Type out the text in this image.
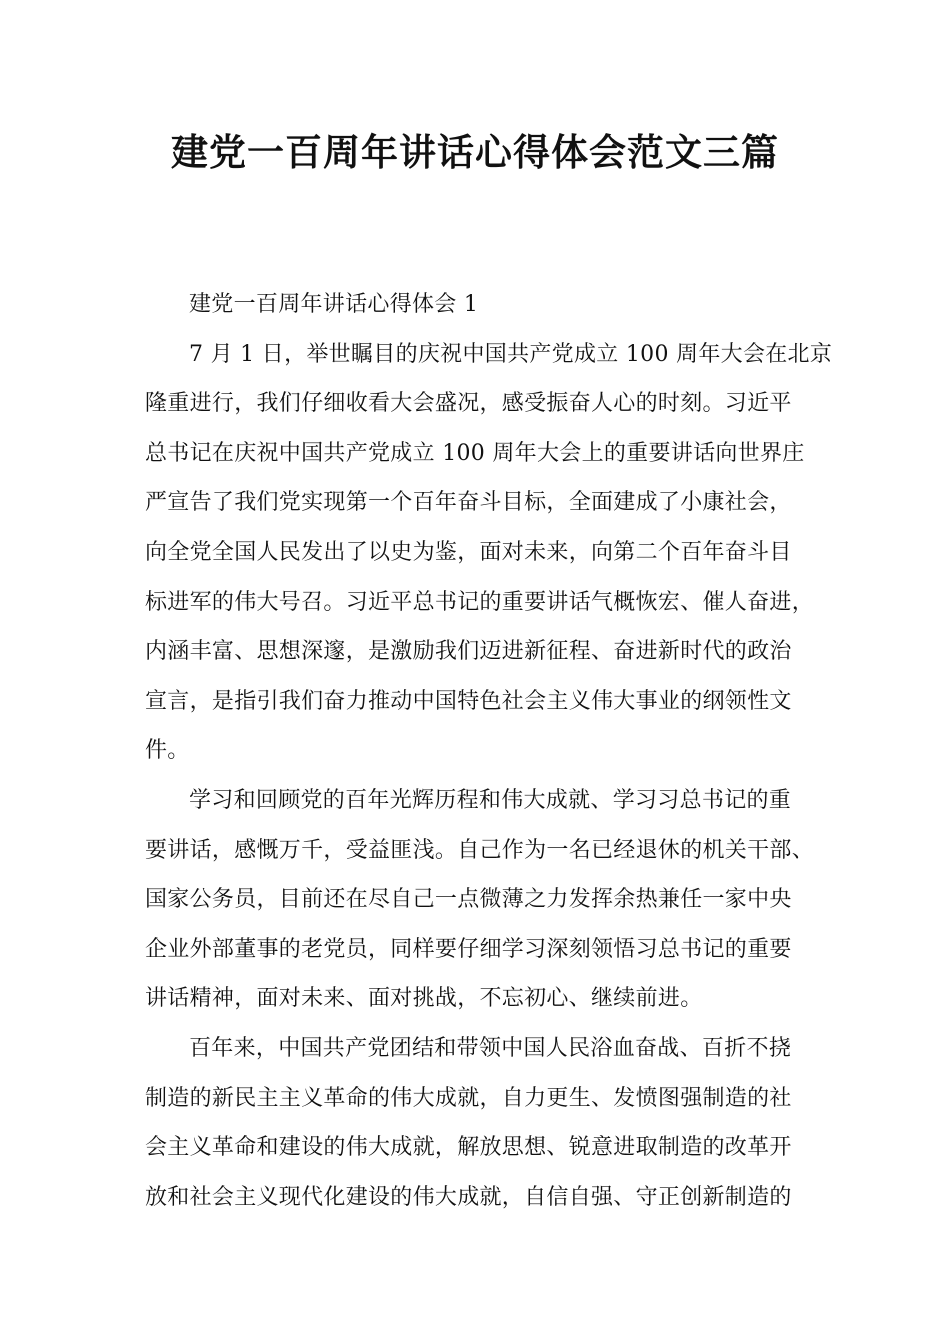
建党一百周年讲话心得体会范文三篇
建党一百周年讲话心得体会 1
7 月 1 日，举世瞩目的庆祝中国共产党成立 100 周年大会在北京
隆重进行，我们仔细收看大会盛况，感受振奋人心的时刻。习近平
总书记在庆祝中国共产党成立 100 周年大会上的重要讲话向世界庄
严宣告了我们党实现第一个百年奋斗目标，全面建成了小康社会，
向全党全国人民发出了以史为鉴，面对未来，向第二个百年奋斗目
标进军的伟大号召。习近平总书记的重要讲话气概恢宏、催人奋进，
内涵丰富、思想深邃，是激励我们迈进新征程、奋进新时代的政治
宣言，是指引我们奋力推动中国特色社会主义伟大事业的纲领性文
件。
学习和回顾党的百年光辉历程和伟大成就、学习习总书记的重
要讲话，感慨万千，受益匪浅。自己作为一名已经退休的机关干部、
国家公务员，目前还在尽自己一点微薄之力发挥余热兼任一家中央
企业外部董事的老党员，同样要仔细学习深刻领悟习总书记的重要
讲话精神，面对未来、面对挑战，不忘初心、继续前进。
百年来，中国共产党团结和带领中国人民浴血奋战、百折不挠
制造的新民主主义革命的伟大成就，自力更生、发愤图强制造的社
会主义革命和建设的伟大成就，解放思想、锐意进取制造的改革开
放和社会主义现代化建设的伟大成就，自信自强、守正创新制造的
